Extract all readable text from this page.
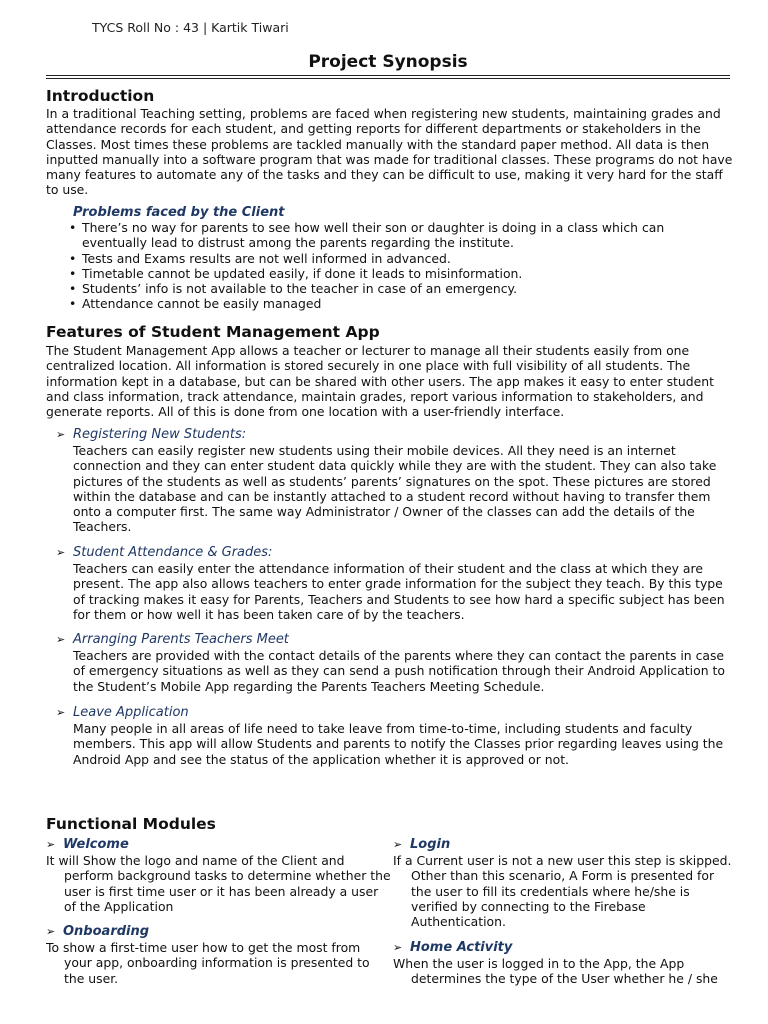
TYCS Roll No : 43 | Kartik Tiwari
Project Synopsis
Introduction

In a traditional Teaching setting, problems are faced when registering new students, maintaining grades and attendance records for each student, and getting reports for different departments or stakeholders in the Classes. Most times these problems are tackled manually with the standard paper method. All data is then inputted manually into a software program that was made for traditional classes. These programs do not have many features to automate any of the tasks and they can be difficult to use, making it very hard for the staff to use.

Problems faced by the Client
• There’s no way for parents to see how well their son or daughter is doing in a class which can eventually lead to distrust among the parents regarding the institute.
• Tests and Exams results are not well informed in advanced.
• Timetable cannot be updated easily, if done it leads to misinformation.
• Students’ info is not available to the teacher in case of an emergency.
• Attendance cannot be easily managed
Features of Student Management App

The Student Management App allows a teacher or lecturer to manage all their students easily from one centralized location. All information is stored securely in one place with full visibility of all students. The information kept in a database, but can be shared with other users. The app makes it easy to enter student and class information, track attendance, maintain grades, report various information to stakeholders, and generate reports. All of this is done from one location with a user-friendly interface.

➢ Registering New Students:

Teachers can easily register new students using their mobile devices. All they need is an internet connection and they can enter student data quickly while they are with the student. They can also take pictures of the students as well as students’ parents’ signatures on the spot. These pictures are stored within the database and can be instantly attached to a student record without having to transfer them onto a computer first. The same way Administrator / Owner of the classes can add the details of the Teachers.

➢ Student Attendance & Grades:

Teachers can easily enter the attendance information of their student and the class at which they are present. The app also allows teachers to enter grade information for the subject they teach. By this type of tracking makes it easy for Parents, Teachers and Students to see how hard a specific subject has been for them or how well it has been taken care of by the teachers.

➢ Arranging Parents Teachers Meet

Teachers are provided with the contact details of the parents where they can contact the parents in case of emergency situations as well as they can send a push notification through their Android Application to the Student’s Mobile App regarding the Parents Teachers Meeting Schedule.

➢ Leave Application

Many people in all areas of life need to take leave from time-to-time, including students and faculty members. This app will allow Students and parents to notify the Classes prior regarding leaves using the Android App and see the status of the application whether it is approved or not.

Functional Modules
➢ Welcome

It will Show the logo and name of the Client and perform background tasks to determine whether the user is first time user or it has been already a user of the Application

➢ Login

If a Current user is not a new user this step is skipped. Other than this scenario, A Form is presented for the user to fill its credentials where he/she is verified by connecting to the Firebase Authentication.

➢ Onboarding

To show a first-time user how to get the most from your app, onboarding information is presented to the user.

➢ Home Activity

When the user is logged in to the App, the App determines the type of the User whether he / she
